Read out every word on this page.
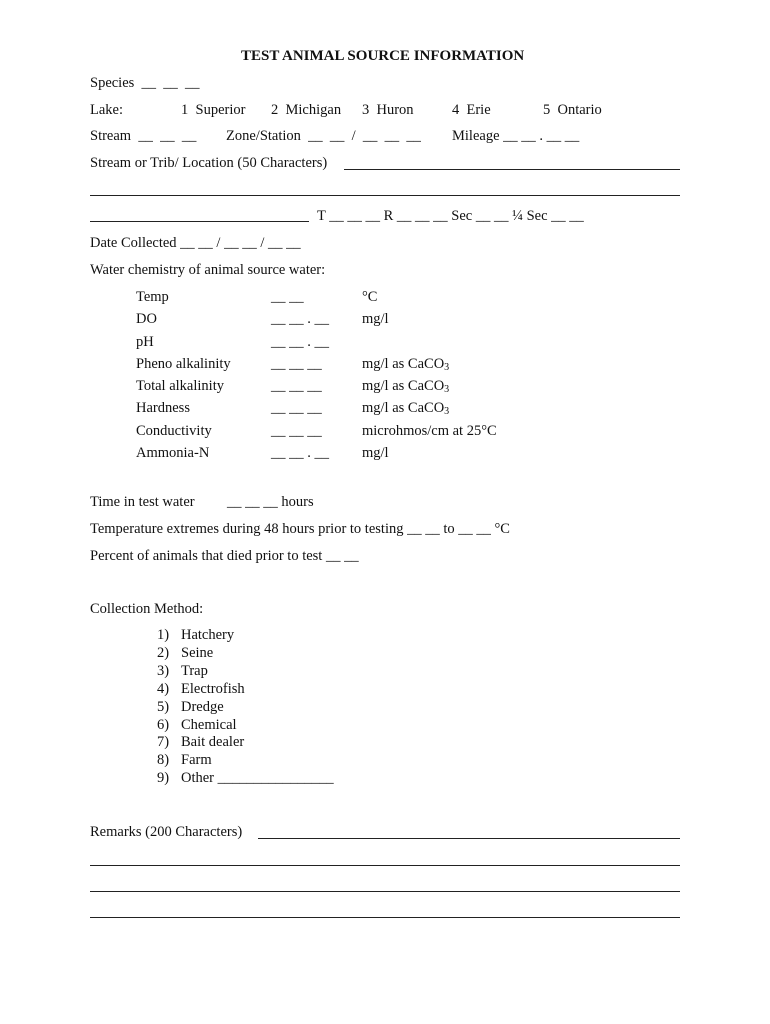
TEST ANIMAL SOURCE INFORMATION
Species  __  __  __
Lake:	1  Superior 2  Michigan 3  Huron	4  Erie	5  Ontario
Stream  __  __  __ Zone/Station  __  __  /  __  __  __ Mileage __ __ . __ __
Stream or Trib/ Location (50 Characters)
T __ __ __ R __ __ __ Sec __ __ ¼ Sec __ __
Date Collected __ __ / __ __ / __ __
Water chemistry of animal source water:
Temp	__ __	°C
DO	__ __ . __ mg/l
pH	__ __ . __
Pheno alkalinity	__ __ __	mg/l as CaCO$_3$
Total alkalinity	__ __ __	mg/l as CaCO$_3$
Hardness	__ __ __	mg/l as CaCO$_3$
Conductivity	__ __ __	microhmos/cm at 25°C
Ammonia-N	__ __ . __ mg/l
Time in test water __ __ __ hours
Temperature extremes during 48 hours prior to testing __ __ to __ __ °C
Percent of animals that died prior to test __ __
Collection Method:
1) Hatchery
2) Seine
3) Trap
4) Electrofish
5) Dredge
6) Chemical
7) Bait dealer
8) Farm
9) Other ________________
Remarks (200 Characters)
